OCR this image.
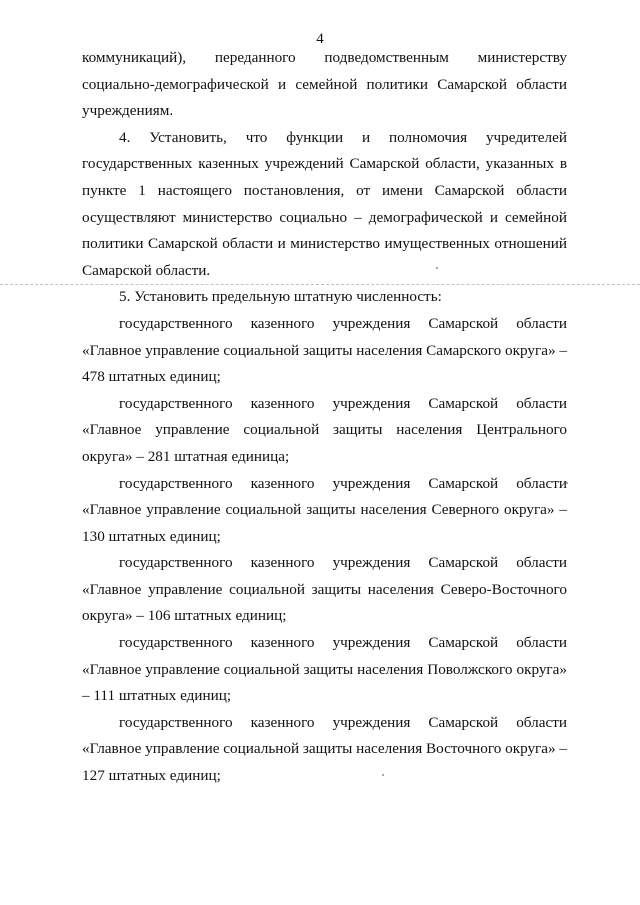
4

коммуникаций), переданного подведомственным министерству социально-демографической и семейной политики Самарской области учреждениям.

4. Установить, что функции и полномочия учредителей государственных казенных учреждений Самарской области, указанных в пункте 1 настоящего постановления, от имени Самарской области осуществляют министерство социально – демографической и семейной политики Самарской области и министерство имущественных отношений Самарской области.

5. Установить предельную штатную численность:

государственного казенного учреждения Самарской области «Главное управление социальной защиты населения Самарского округа» – 478 штатных единиц;

государственного казенного учреждения Самарской области «Главное управление социальной защиты населения Центрального округа» – 281 штатная единица;

государственного казенного учреждения Самарской области «Главное управление социальной защиты населения Северного округа» – 130 штатных единиц;

государственного казенного учреждения Самарской области «Главное управление социальной защиты населения Северо-Восточного округа» – 106 штатных единиц;

государственного казенного учреждения Самарской области «Главное управление социальной защиты населения Поволжского округа» – 111 штатных единиц;

государственного казенного учреждения Самарской области «Главное управление социальной защиты населения Восточного округа» – 127 штатных единиц;
